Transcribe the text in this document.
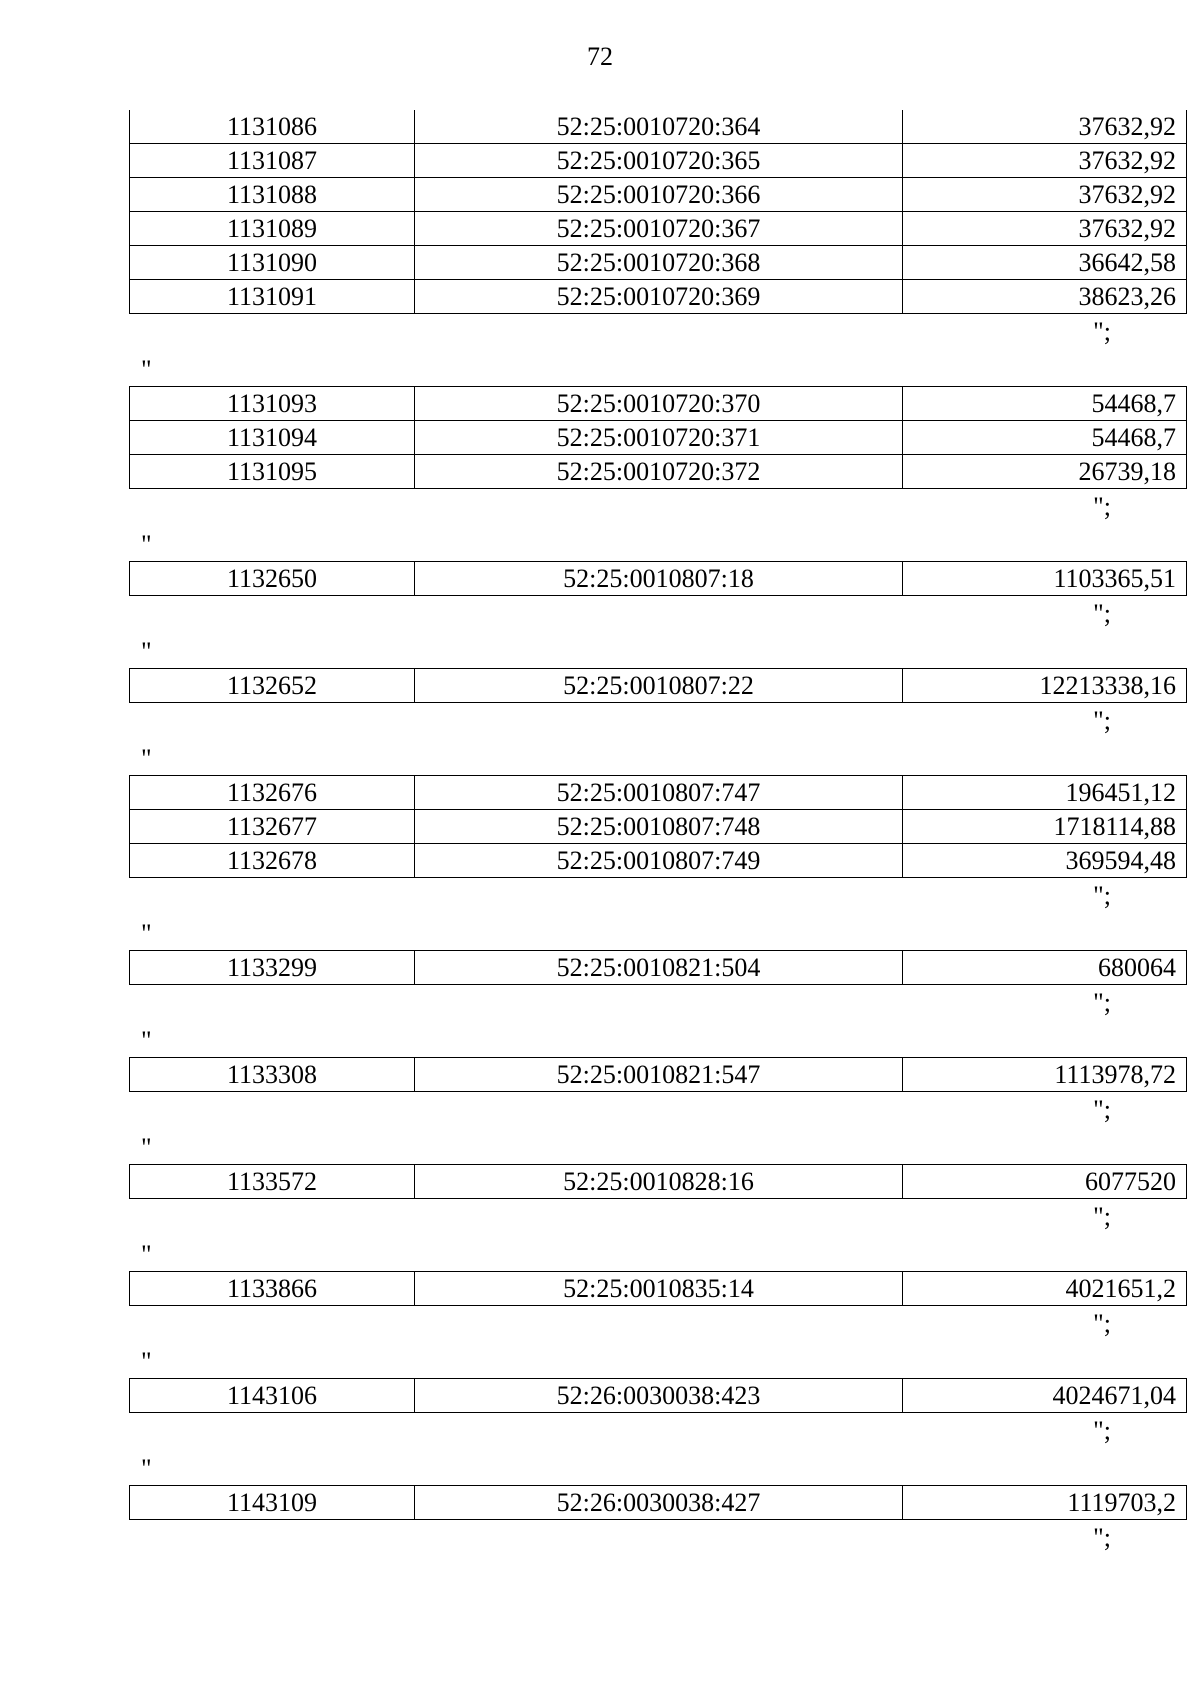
72
1131086	52:25:0010720:364	37632,92
1131087	52:25:0010720:365	37632,92
1131088	52:25:0010720:366	37632,92
1131089	52:25:0010720:367	37632,92
1131090	52:25:0010720:368	36642,58
1131091	52:25:0010720:369	38623,26
";
"
1131093	52:25:0010720:370	54468,7
1131094	52:25:0010720:371	54468,7
1131095	52:25:0010720:372	26739,18
";
"
1132650	52:25:0010807:18	1103365,51
";
"
1132652	52:25:0010807:22	12213338,16
";
"
1132676	52:25:0010807:747	196451,12
1132677	52:25:0010807:748	1718114,88
1132678	52:25:0010807:749	369594,48
";
"
1133299	52:25:0010821:504	680064
";
"
1133308	52:25:0010821:547	1113978,72
";
"
1133572	52:25:0010828:16	6077520
";
"
1133866	52:25:0010835:14	4021651,2
";
"
1143106	52:26:0030038:423	4024671,04
";
"
1143109	52:26:0030038:427	1119703,2
";
